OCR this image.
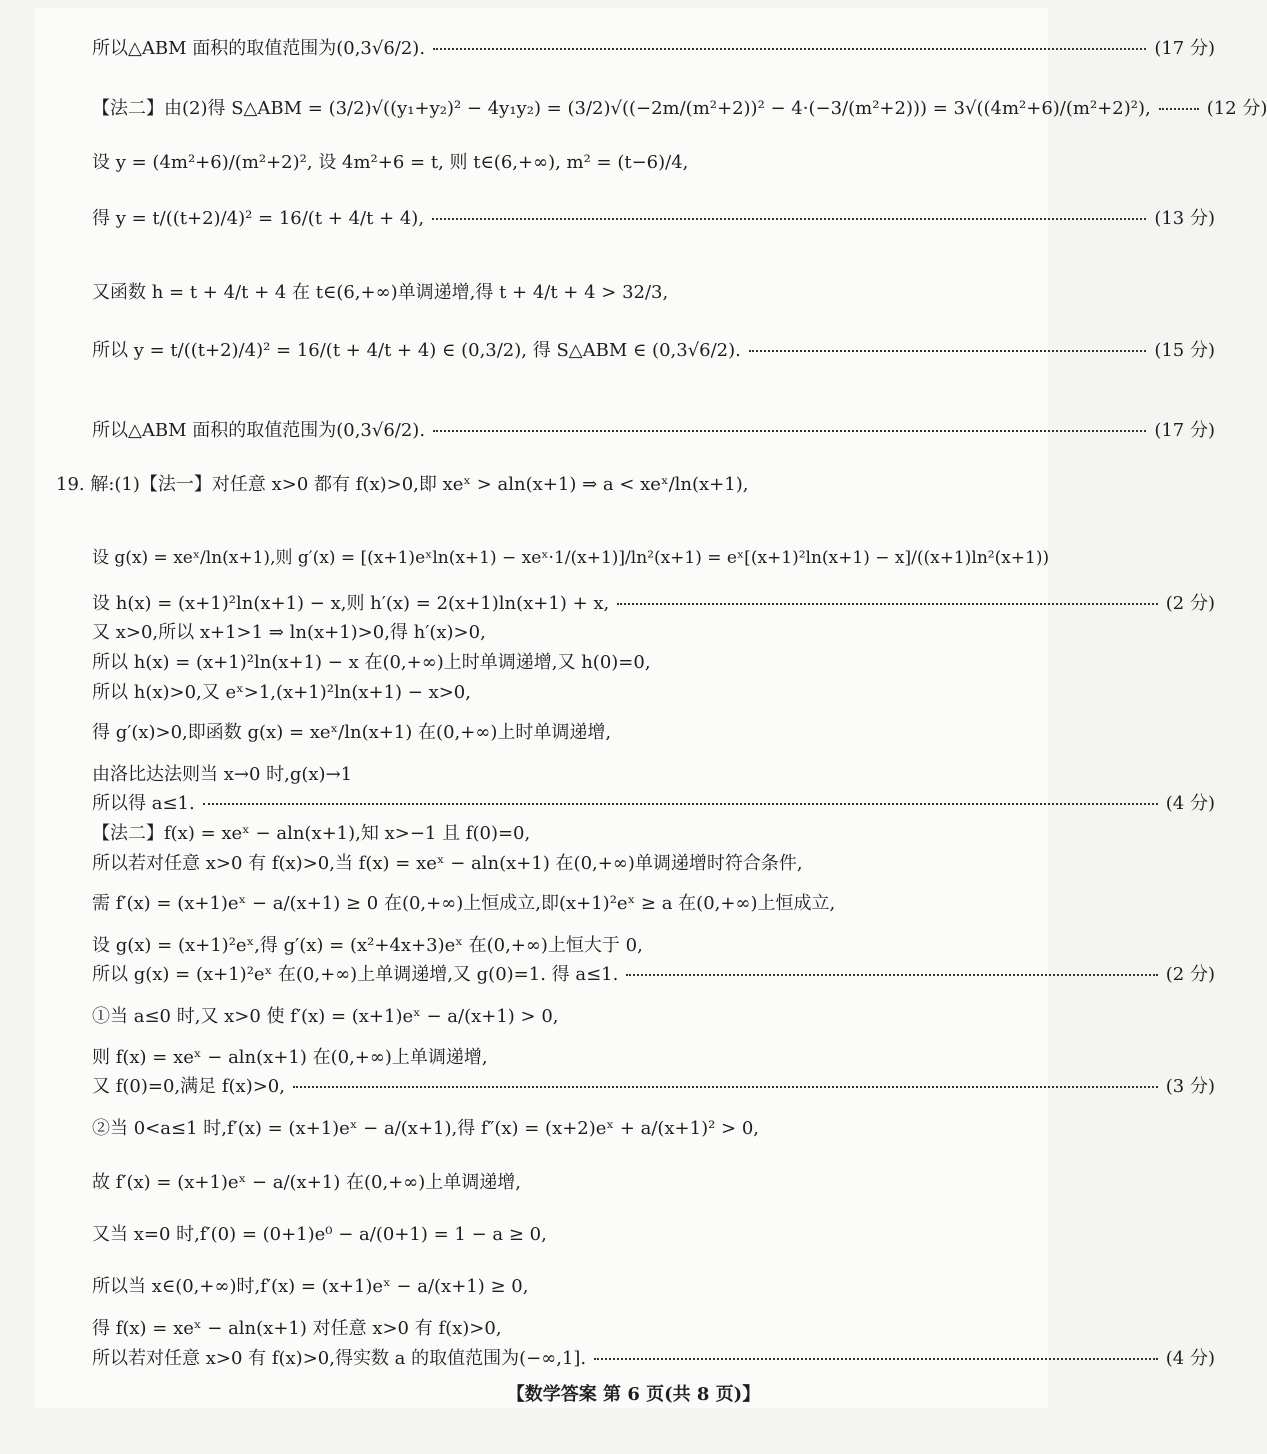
所以△ABM 面积的取值范围为(0,3√6/2).	(17 分)
【法二】由(2)得 S△ABM = (3/2)√((y₁+y₂)² − 4y₁y₂) = (3/2)√((−2m/(m²+2))² − 4·(−3/(m²+2))) = 3√((4m²+6)/(m²+2)²),	(12 分)
设 y = (4m²+6)/(m²+2)², 设 4m²+6 = t, 则 t∈(6,+∞), m² = (t−6)/4,
得 y = t/((t+2)/4)² = 16/(t + 4/t + 4),	(13 分)
又函数 h = t + 4/t + 4 在 t∈(6,+∞)单调递增,得 t + 4/t + 4 > 32/3,
所以 y = t/((t+2)/4)² = 16/(t + 4/t + 4) ∈ (0,3/2), 得 S△ABM ∈ (0,3√6/2).	(15 分)
所以△ABM 面积的取值范围为(0,3√6/2).	(17 分)
19. 解:(1)【法一】对任意 x>0 都有 f(x)>0,即 xeˣ > aln(x+1) ⇒ a < xeˣ/ln(x+1),
设 g(x) = xeˣ/ln(x+1),则 g′(x) = [(x+1)eˣln(x+1) − xeˣ·1/(x+1)]/ln²(x+1) = eˣ[(x+1)²ln(x+1) − x]/((x+1)ln²(x+1))
设 h(x) = (x+1)²ln(x+1) − x,则 h′(x) = 2(x+1)ln(x+1) + x,	(2 分)
又 x>0,所以 x+1>1 ⇒ ln(x+1)>0,得 h′(x)>0,
所以 h(x) = (x+1)²ln(x+1) − x 在(0,+∞)上时单调递增,又 h(0)=0,
所以 h(x)>0,又 eˣ>1,(x+1)²ln(x+1) − x>0,
得 g′(x)>0,即函数 g(x) = xeˣ/ln(x+1) 在(0,+∞)上时单调递增,
由洛比达法则当 x→0 时,g(x)→1
所以得 a≤1.	(4 分)
【法二】f(x) = xeˣ − aln(x+1),知 x>−1 且 f(0)=0,
所以若对任意 x>0 有 f(x)>0,当 f(x) = xeˣ − aln(x+1) 在(0,+∞)单调递增时符合条件,
需 f′(x) = (x+1)eˣ − a/(x+1) ≥ 0 在(0,+∞)上恒成立,即(x+1)²eˣ ≥ a 在(0,+∞)上恒成立,
设 g(x) = (x+1)²eˣ,得 g′(x) = (x²+4x+3)eˣ 在(0,+∞)上恒大于 0,
所以 g(x) = (x+1)²eˣ 在(0,+∞)上单调递增,又 g(0)=1. 得 a≤1.	(2 分)
①当 a≤0 时,又 x>0 使 f′(x) = (x+1)eˣ − a/(x+1) > 0,
则 f(x) = xeˣ − aln(x+1) 在(0,+∞)上单调递增,
又 f(0)=0,满足 f(x)>0,	(3 分)
②当 0<a≤1 时,f′(x) = (x+1)eˣ − a/(x+1),得 f″(x) = (x+2)eˣ + a/(x+1)² > 0,
故 f′(x) = (x+1)eˣ − a/(x+1) 在(0,+∞)上单调递增,
又当 x=0 时,f′(0) = (0+1)e⁰ − a/(0+1) = 1 − a ≥ 0,
所以当 x∈(0,+∞)时,f′(x) = (x+1)eˣ − a/(x+1) ≥ 0,
得 f(x) = xeˣ − aln(x+1) 对任意 x>0 有 f(x)>0,
所以若对任意 x>0 有 f(x)>0,得实数 a 的取值范围为(−∞,1].	(4 分)
【数学答案 第 6 页(共 8 页)】
